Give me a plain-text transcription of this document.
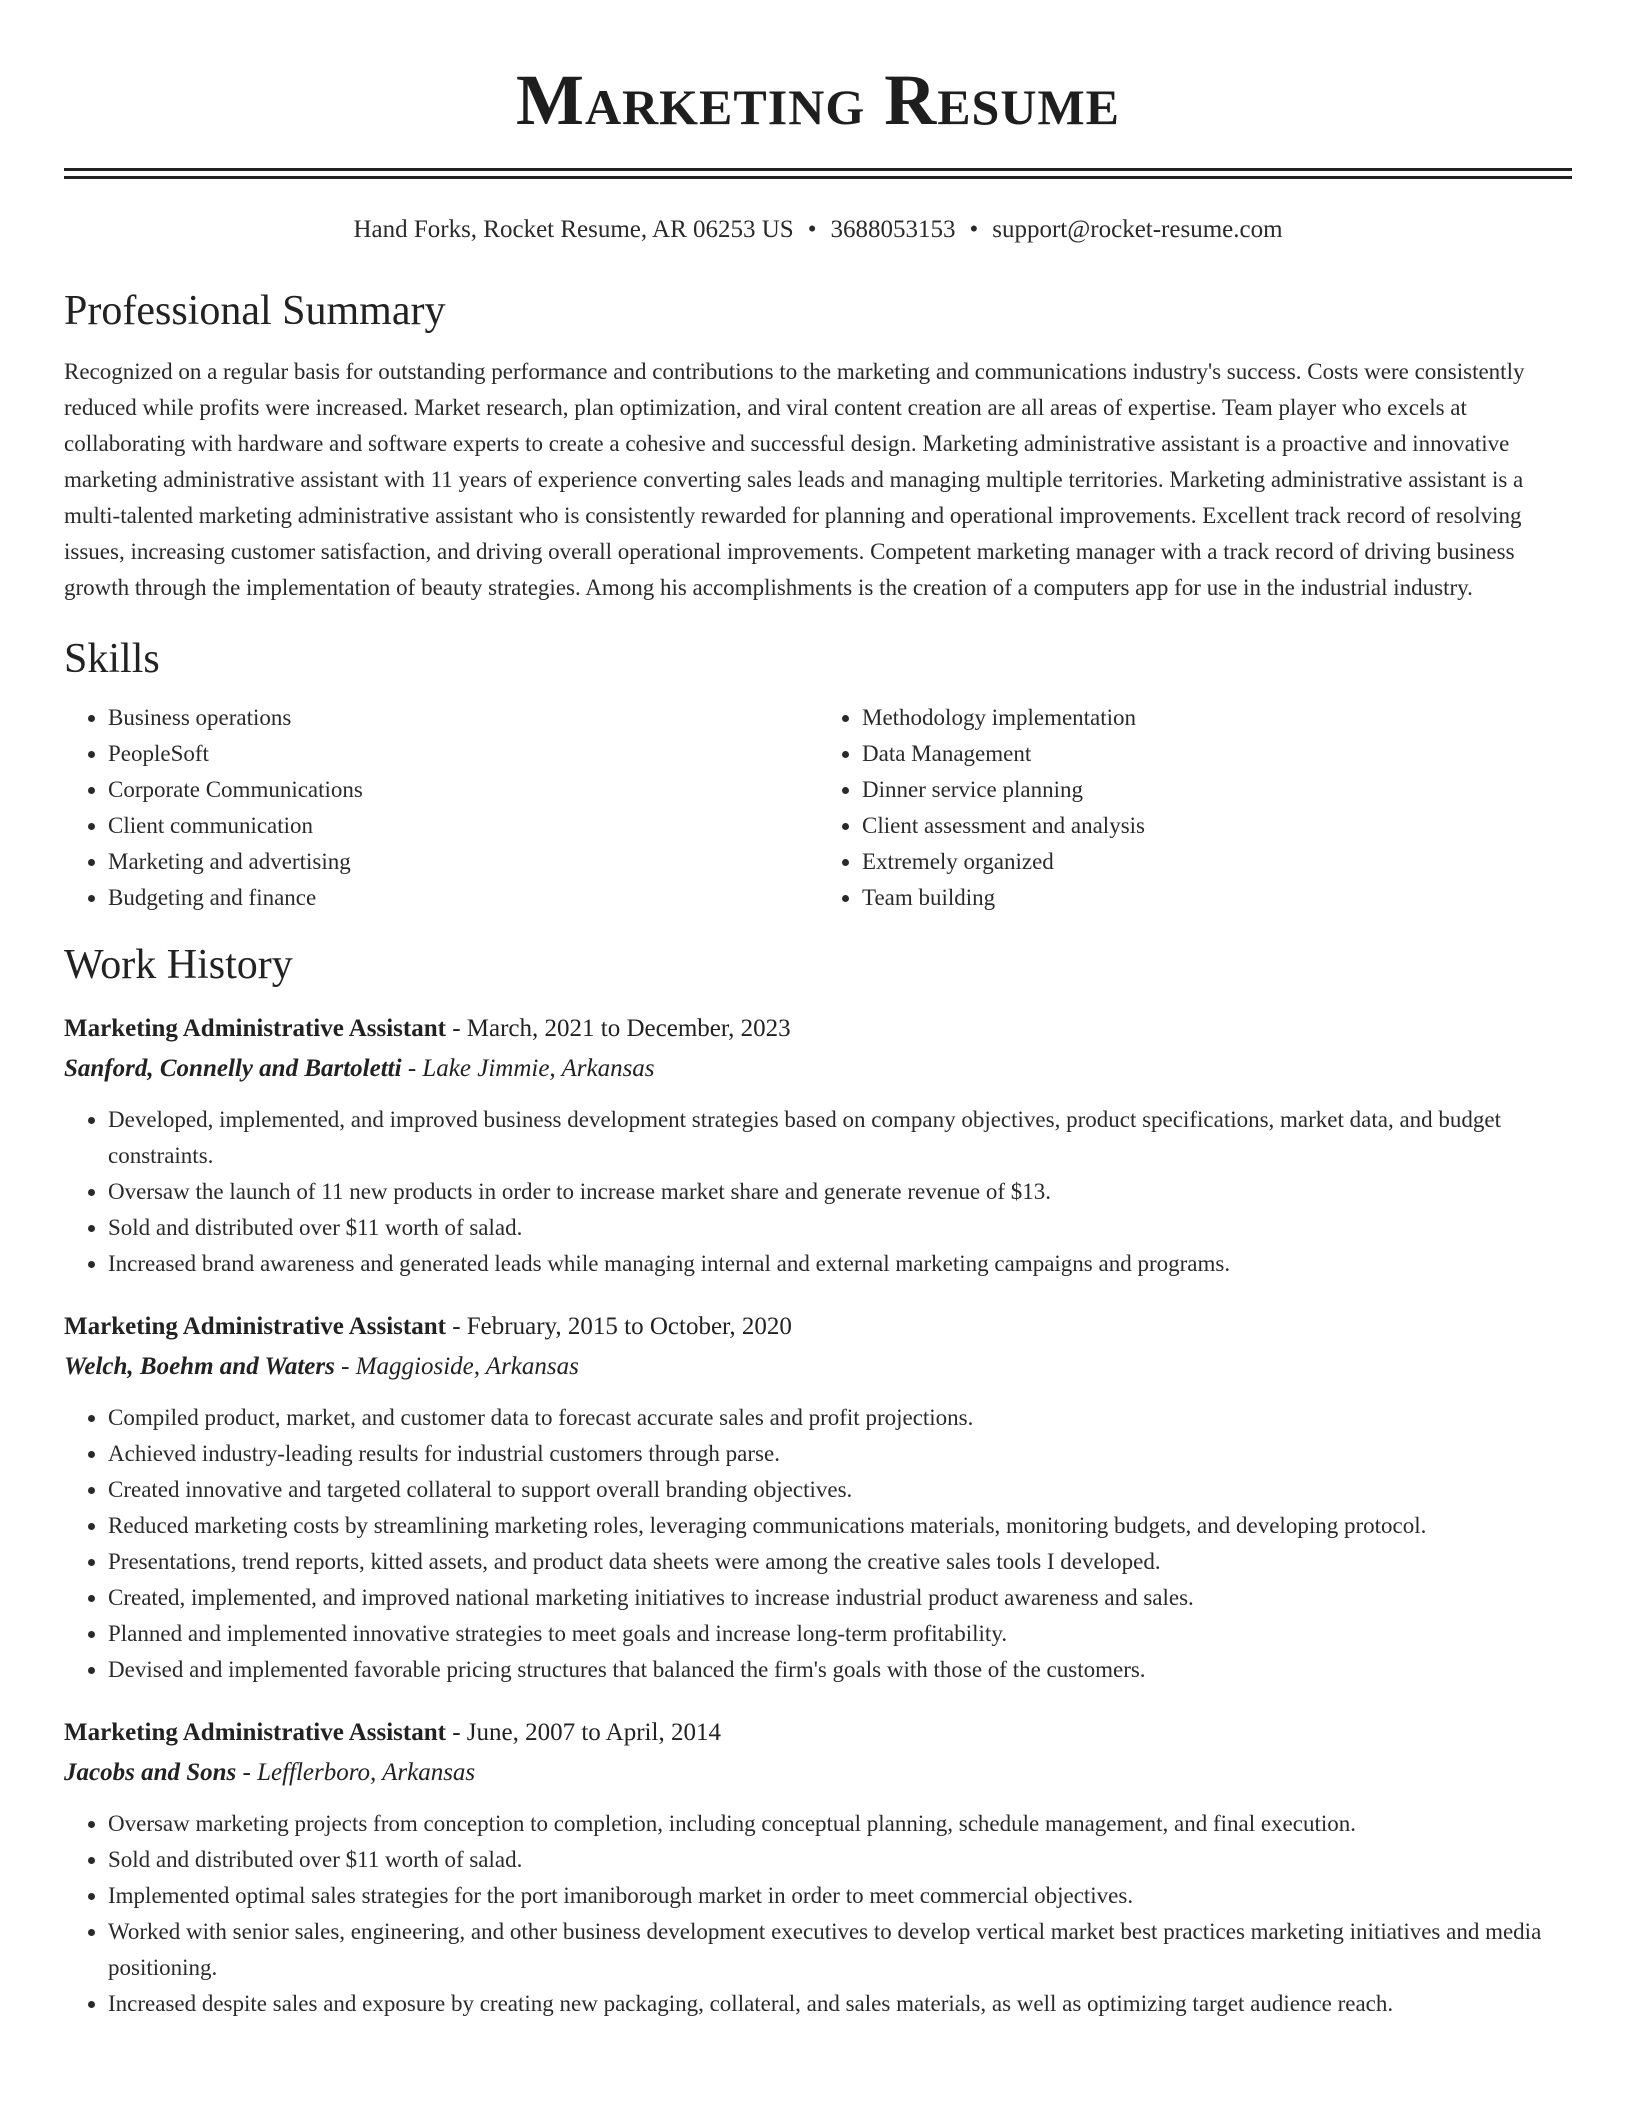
Marketing Resume
Hand Forks, Rocket Resume, AR 06253 US • 3688053153 • support@rocket-resume.com
Professional Summary
Recognized on a regular basis for outstanding performance and contributions to the marketing and communications industry's success. Costs were consistently reduced while profits were increased. Market research, plan optimization, and viral content creation are all areas of expertise. Team player who excels at collaborating with hardware and software experts to create a cohesive and successful design. Marketing administrative assistant is a proactive and innovative marketing administrative assistant with 11 years of experience converting sales leads and managing multiple territories. Marketing administrative assistant is a multi-talented marketing administrative assistant who is consistently rewarded for planning and operational improvements. Excellent track record of resolving issues, increasing customer satisfaction, and driving overall operational improvements. Competent marketing manager with a track record of driving business growth through the implementation of beauty strategies. Among his accomplishments is the creation of a computers app for use in the industrial industry.
Skills
• Business operations
• PeopleSoft
• Corporate Communications
• Client communication
• Marketing and advertising
• Budgeting and finance
• Methodology implementation
• Data Management
• Dinner service planning
• Client assessment and analysis
• Extremely organized
• Team building
Work History
Marketing Administrative Assistant - March, 2021 to December, 2023
Sanford, Connelly and Bartoletti - Lake Jimmie, Arkansas
• Developed, implemented, and improved business development strategies based on company objectives, product specifications, market data, and budget constraints.
• Oversaw the launch of 11 new products in order to increase market share and generate revenue of $13.
• Sold and distributed over $11 worth of salad.
• Increased brand awareness and generated leads while managing internal and external marketing campaigns and programs.
Marketing Administrative Assistant - February, 2015 to October, 2020
Welch, Boehm and Waters - Maggioside, Arkansas
• Compiled product, market, and customer data to forecast accurate sales and profit projections.
• Achieved industry-leading results for industrial customers through parse.
• Created innovative and targeted collateral to support overall branding objectives.
• Reduced marketing costs by streamlining marketing roles, leveraging communications materials, monitoring budgets, and developing protocol.
• Presentations, trend reports, kitted assets, and product data sheets were among the creative sales tools I developed.
• Created, implemented, and improved national marketing initiatives to increase industrial product awareness and sales.
• Planned and implemented innovative strategies to meet goals and increase long-term profitability.
• Devised and implemented favorable pricing structures that balanced the firm's goals with those of the customers.
Marketing Administrative Assistant - June, 2007 to April, 2014
Jacobs and Sons - Lefflerboro, Arkansas
• Oversaw marketing projects from conception to completion, including conceptual planning, schedule management, and final execution.
• Sold and distributed over $11 worth of salad.
• Implemented optimal sales strategies for the port imaniborough market in order to meet commercial objectives.
• Worked with senior sales, engineering, and other business development executives to develop vertical market best practices marketing initiatives and media positioning.
• Increased despite sales and exposure by creating new packaging, collateral, and sales materials, as well as optimizing target audience reach.
